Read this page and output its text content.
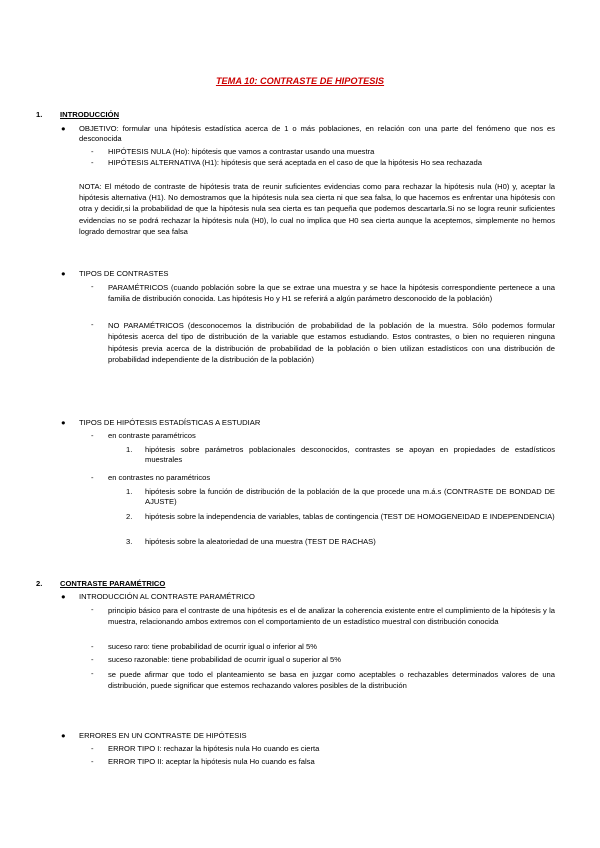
TEMA 10: CONTRASTE DE HIPOTESIS
1. INTRODUCCIÓN
● OBJETIVO: formular una hipótesis estadística acerca de 1 o más poblaciones, en relación con una parte del fenómeno que nos es desconocida
- HIPÓTESIS NULA (Ho): hipótesis que vamos a contrastar usando una muestra
- HIPÓTESIS ALTERNATIVA (H1): hipótesis que será aceptada en el caso de que la hipótesis Ho sea rechazada
NOTA: El método de contraste de hipótesis trata de reunir suficientes evidencias como para rechazar la hipótesis nula (H0) y, aceptar la hipótesis alternativa (H1). No demostramos que la hipótesis nula sea cierta ni que sea falsa, lo que hacemos es enfrentar una hipótesis con otra y decidir,si la probabilidad de que la hipótesis nula sea cierta es tan pequeña que podemos descartarla.Si no se logra reunir suficientes evidencias no se podrá rechazar la hipótesis nula (H0), lo cual no implica que H0 sea cierta aunque la aceptemos, simplemente no hemos logrado demostrar que sea falsa
● TIPOS DE CONTRASTES
- PARAMÉTRICOS (cuando población sobre la que se extrae una muestra y se hace la hipótesis correspondiente pertenece a una familia de distribución conocida. Las hipótesis Ho y H1 se referirá a algún parámetro desconocido de la población)
- NO PARAMÉTRICOS (desconocemos la distribución de probabilidad de la población de la muestra. Sólo podemos formular hipótesis acerca del tipo de distribución de la variable que estamos estudiando. Estos contrastes, o bien no requieren ninguna hipótesis previa acerca de la distribución de probabilidad de la población o bien utilizan estadísticos con una distribución de probabilidad independiente de la distribución de la población)
● TIPOS DE HIPÓTESIS ESTADÍSTICAS A ESTUDIAR
- en contraste paramétricos
1. hipótesis sobre parámetros poblacionales desconocidos, contrastes se apoyan en propiedades de estadísticos muestrales
- en contrastes no paramétricos
1. hipótesis sobre la función de distribución de la población de la que procede una m.á.s (CONTRASTE DE BONDAD DE AJUSTE)
2. hipótesis sobre la independencia de variables, tablas de contingencia (TEST DE HOMOGENEIDAD E INDEPENDENCIA)
3. hipótesis sobre la aleatoriedad de una muestra (TEST DE RACHAS)
2. CONTRASTE PARAMÉTRICO
● INTRODUCCIÓN AL CONTRASTE PARAMÉTRICO
- principio básico para el contraste de una hipótesis es el de analizar la coherencia existente entre el cumplimiento de la hipótesis y la muestra, relacionando ambos extremos con el comportamiento de un estadístico muestral con distribución conocida
- suceso raro: tiene probabilidad de ocurrir igual o inferior al 5%
- suceso razonable: tiene probabilidad de ocurrir igual o superior al 5%
- se puede afirmar que todo el planteamiento se basa en juzgar como aceptables o rechazables determinados valores de una distribución, puede significar que estemos rechazando valores posibles de la distribución
● ERRORES EN UN CONTRASTE DE HIPÓTESIS
- ERROR TIPO I: rechazar la hipótesis nula Ho cuando es cierta
- ERROR TIPO II: aceptar la hipótesis nula Ho cuando es falsa
